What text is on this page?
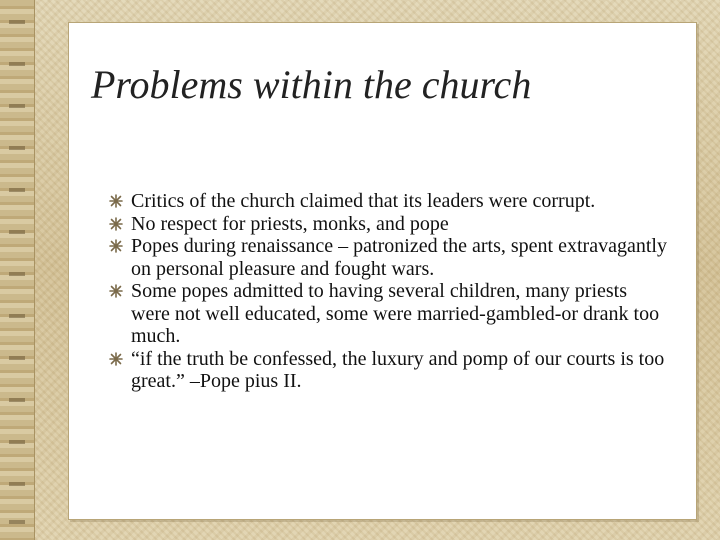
Problems within the church
Critics of the church claimed that its leaders were corrupt.
No respect for priests, monks, and pope
Popes during renaissance – patronized the arts, spent extravagantly on personal pleasure and fought wars.
Some popes admitted to having several children, many priests were not well educated, some were married-gambled-or drank too much.
“if the truth be confessed, the luxury and pomp of our courts is too great.” –Pope pius II.
